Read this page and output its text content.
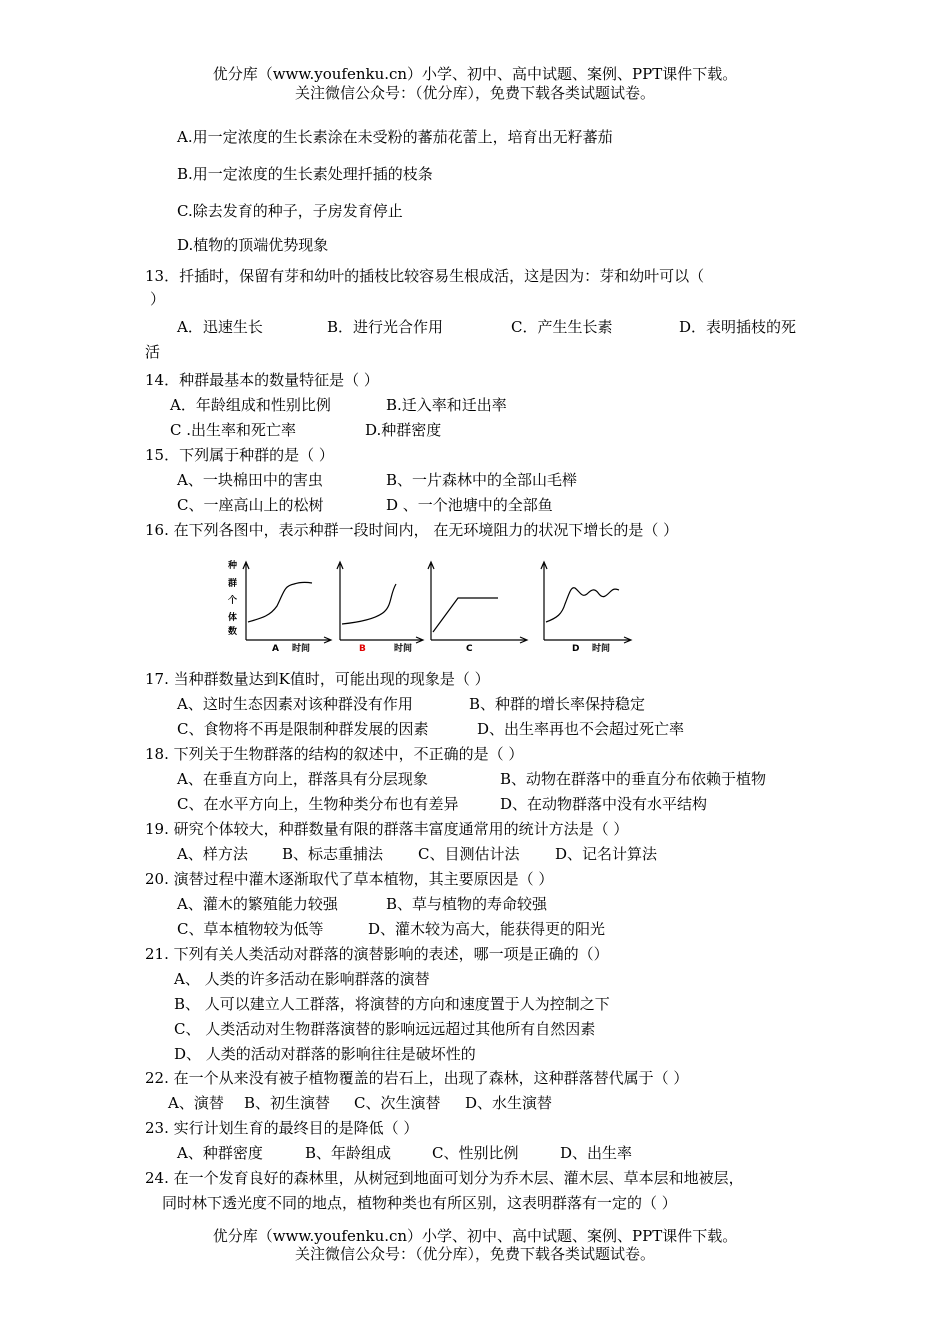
优分库（www.youfenku.cn）小学、初中、高中试题、案例、PPT课件下载。
关注微信公众号：（优分库），免费下载各类试题试卷。
A.用一定浓度的生长素涂在未受粉的蕃茄花蕾上，培育出无籽蕃茄
B.用一定浓度的生长素处理扦插的枝条
C.除去发育的种子，子房发育停止
D.植物的顶端优势现象
13．扦插时，保留有芽和幼叶的插枝比较容易生根成活，这是因为：芽和幼叶可以（
）
A．迅速生长	B．进行光合作用	C．产生生长素	D．表明插枝的死
活
14．种群最基本的数量特征是（ ）
A．年龄组成和性别比例	B.迁入率和迁出率
C .出生率和死亡率	D.种群密度
15．下列属于种群的是（ ）
A、一块棉田中的害虫	B、一片森林中的全部山毛榉
C、一座高山上的松树	D 、一个池塘中的全部鱼
16. 在下列各图中，表示种群一段时间内， 在无环境阻力的状况下增长的是（ ）
种
群
个
体
数
A 时间	B	时间	C	D 时间
17. 当种群数量达到K值时，可能出现的现象是（ ）
A、这时生态因素对该种群没有作用	B、种群的增长率保持稳定
C、食物将不再是限制种群发展的因素	D、出生率再也不会超过死亡率
18. 下列关于生物群落的结构的叙述中，不正确的是（ ）
A、在垂直方向上，群落具有分层现象	B、动物在群落中的垂直分布依赖于植物
C、在水平方向上，生物种类分布也有差异	D、在动物群落中没有水平结构
19. 研究个体较大，种群数量有限的群落丰富度通常用的统计方法是（ ）
A、样方法 B、标志重捕法 C、目测估计法 D、记名计算法
20. 演替过程中灌木逐渐取代了草本植物，其主要原因是（ ）
A、灌木的繁殖能力较强	B、草与植物的寿命较强
C、草本植物较为低等	D、灌木较为高大，能获得更的阳光
21. 下列有关人类活动对群落的演替影响的表述，哪一项是正确的（）
A、 人类的许多活动在影响群落的演替
B、 人可以建立人工群落，将演替的方向和速度置于人为控制之下
C、 人类活动对生物群落演替的影响远远超过其他所有自然因素
D、 人类的活动对群落的影响往往是破坏性的
22. 在一个从来没有被子植物覆盖的岩石上，出现了森林，这种群落替代属于（ ）
A、演替 B、初生演替 C、次生演替 D、水生演替
23. 实行计划生育的最终目的是降低（ ）
A、种群密度	B、年龄组成	C、性别比例	D、出生率
24. 在一个发育良好的森林里，从树冠到地面可划分为乔木层、灌木层、草本层和地被层，
同时林下透光度不同的地点，植物种类也有所区别，这表明群落有一定的（ ）
优分库（www.youfenku.cn）小学、初中、高中试题、案例、PPT课件下载。
关注微信公众号：（优分库），免费下载各类试题试卷。
